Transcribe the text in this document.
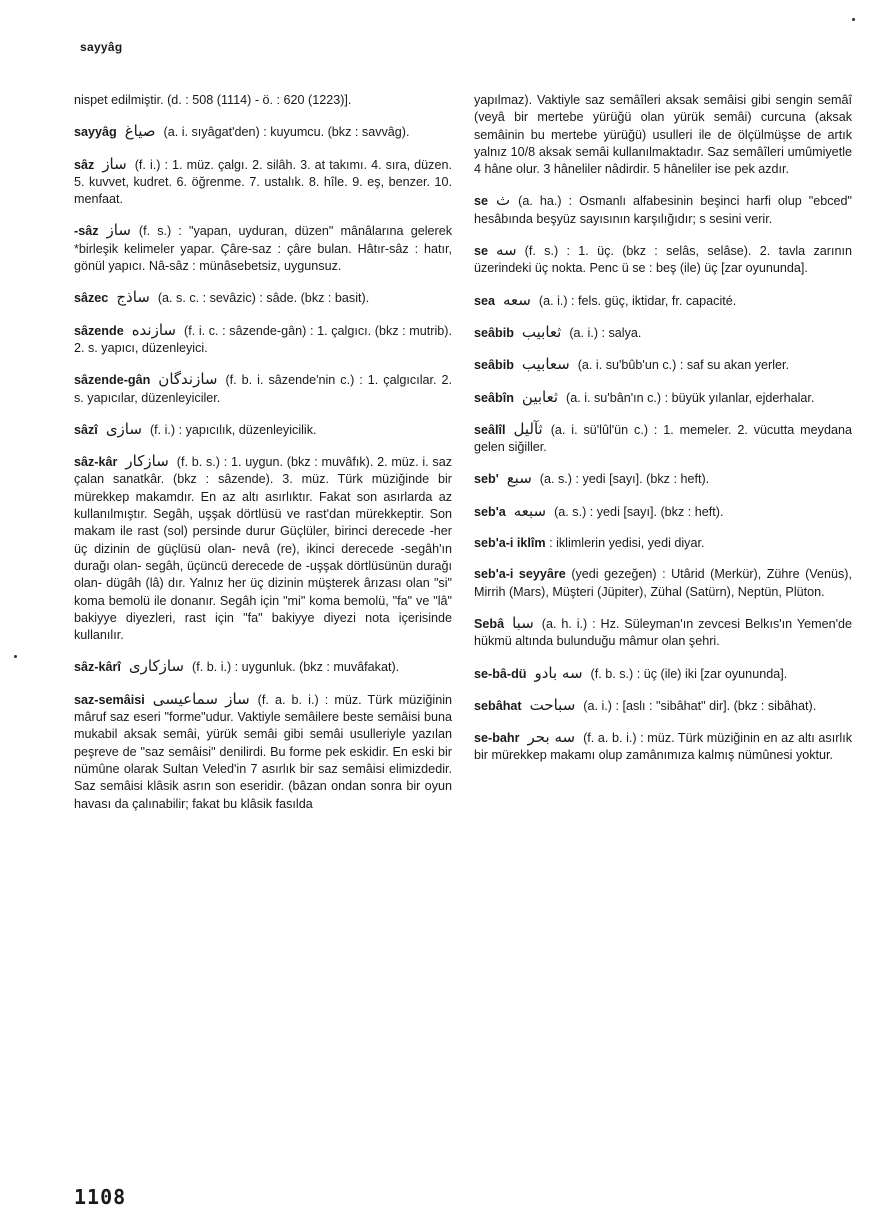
sayyâg
nispet edilmiştir. (d. : 508 (1114) - ö. : 620 (1223)].
sayyâg صياغ (a. i. sıyâgat'den) : kuyumcu. (bkz : savvâg).
sâz ساز (f. i.) : 1. müz. çalgı. 2. silâh. 3. at takımı. 4. sıra, düzen. 5. kuvvet, kudret. 6. öğrenme. 7. ustalık. 8. hîle. 9. eş, benzer. 10. menfaat.
-sâz ساز (f. s.) : "yapan, uyduran, düzen" mânâlarına gelerek *birleşik kelimeler yapar. Çâre-saz : çâre bulan. Hâtır-sâz : hatır, gönül yapıcı. Nâ-sâz : münâsebetsiz, uygunsuz.
sâzec ساذج (a. s. c. : sevâzic) : sâde. (bkz : basit).
sâzende سازنده (f. i. c. : sâzende-gân) : 1. çalgıcı. (bkz : mutrib). 2. s. yapıcı, düzenleyici.
sâzende-gân سازندگان (f. b. i. sâzende'nin c.) : 1. çalgıcılar. 2. s. yapıcılar, düzenleyiciler.
sâzî سازى (f. i.) : yapıcılık, düzenleyicilik.
sâz-kâr سازكار (f. b. s.) : 1. uygun. (bkz : muvâfık). 2. müz. i. saz çalan sanatkâr. (bkz : sâzende). 3. müz. Türk müziğinde bir mürekkep makamdır. En az altı asırlıktır. Fakat son asırlarda az kullanılmıştır. Segâh, uşşak dörtlüsü ve rast'dan mürekkeptir. Son makam ile rast (sol) persinde durur Güçlüler, birinci derecede -her üç dizinin de güçlüsü olan- nevâ (re), ikinci derecede -segâh'ın durağı olan- segâh, üçüncü derecede de -uşşak dörtlüsünün durağı olan- dügâh (lâ) dır. Yalnız her üç dizinin müşterek ârızası olan "si" koma bemolü ile donanır. Segâh için "mi" koma bemolü, "fa" ve "lâ" bakiyye diyezleri, rast için "fa" bakiyye diyezi nota içerisinde kullanılır.
sâz-kârî سازكارى (f. b. i.) : uygunluk. (bkz : muvâfakat).
saz-semâisi ساز سماعيسى (f. a. b. i.) : müz. Türk müziğinin mâruf saz eseri "forme"udur. Vaktiyle semâilere beste semâisi buna mukabil aksak semâi, yürük semâi gibi semâi usulleriyle yazılan peşreve de "saz semâisi" denilirdi. Bu forme pek eskidir. En eski bir nümûne olarak Sultan Veled'in 7 asırlık bir saz semâisi elimizdedir. Saz semâisi klâsik asrın son eseridir. (bâzan ondan sonra bir oyun havası da çalınabilir; fakat bu klâsik fasılda
yapılmaz). Vaktiyle saz semâîleri aksak semâisi gibi sengin semâî (veyâ bir mertebe yürüğü olan yürük semâi) curcuna (aksak semâinin bu mertebe yürüğü) usulleri ile de ölçülmüşse de artık yalnız 10/8 aksak semâi kullanılmaktadır. Saz semâîleri umûmiyetle 4 hâne olur. 3 hâneliler nâdirdir. 5 hâneliler ise pek azdır.
se ث (a. ha.) : Osmanlı alfabesinin beşinci harfi olup "ebced" hesâbında beşyüz sayısının karşılığıdır; s sesini verir.
se سه (f. s.) : 1. üç. (bkz : selâs, selâse). 2. tavla zarının üzerindeki üç nokta. Penc ü se : beş (ile) üç [zar oyununda].
sea سعه (a. i.) : fels. güç, iktidar, fr. capacité.
seâbib ثعابيب (a. i.) : salya.
seâbib سعابيب (a. i. su'bûb'un c.) : saf su akan yerler.
seâbîn ثعابين (a. i. su'bân'ın c.) : büyük yılanlar, ejderhalar.
seâlîl ثآليل (a. i. sü'lûl'ün c.) : 1. memeler. 2. vücutta meydana gelen siğiller.
seb' سبع (a. s.) : yedi [sayı]. (bkz : heft).
seb'a سبعه (a. s.) : yedi [sayı]. (bkz : heft).
seb'a-i iklîm : iklimlerin yedisi, yedi diyar.
seb'a-i seyyâre (yedi gezeğen) : Utârid (Merkür), Zühre (Venüs), Mirrih (Mars), Müşteri (Jüpiter), Zühal (Satürn), Neptün, Plüton.
Sebâ سبا (a. h. i.) : Hz. Süleyman'ın zevcesi Belkıs'ın Yemen'de hükmü altında bulunduğu mâmur olan şehri.
se-bâ-dü سه بادو (f. b. s.) : üç (ile) iki [zar oyununda].
sebâhat سباحت (a. i.) : [aslı : "sibâhat" dir]. (bkz : sibâhat).
se-bahr سه بحر (f. a. b. i.) : müz. Türk müziğinin en az altı asırlık bir mürekkep makamı olup zamânımıza kalmış nümûnesi yoktur.
1108
